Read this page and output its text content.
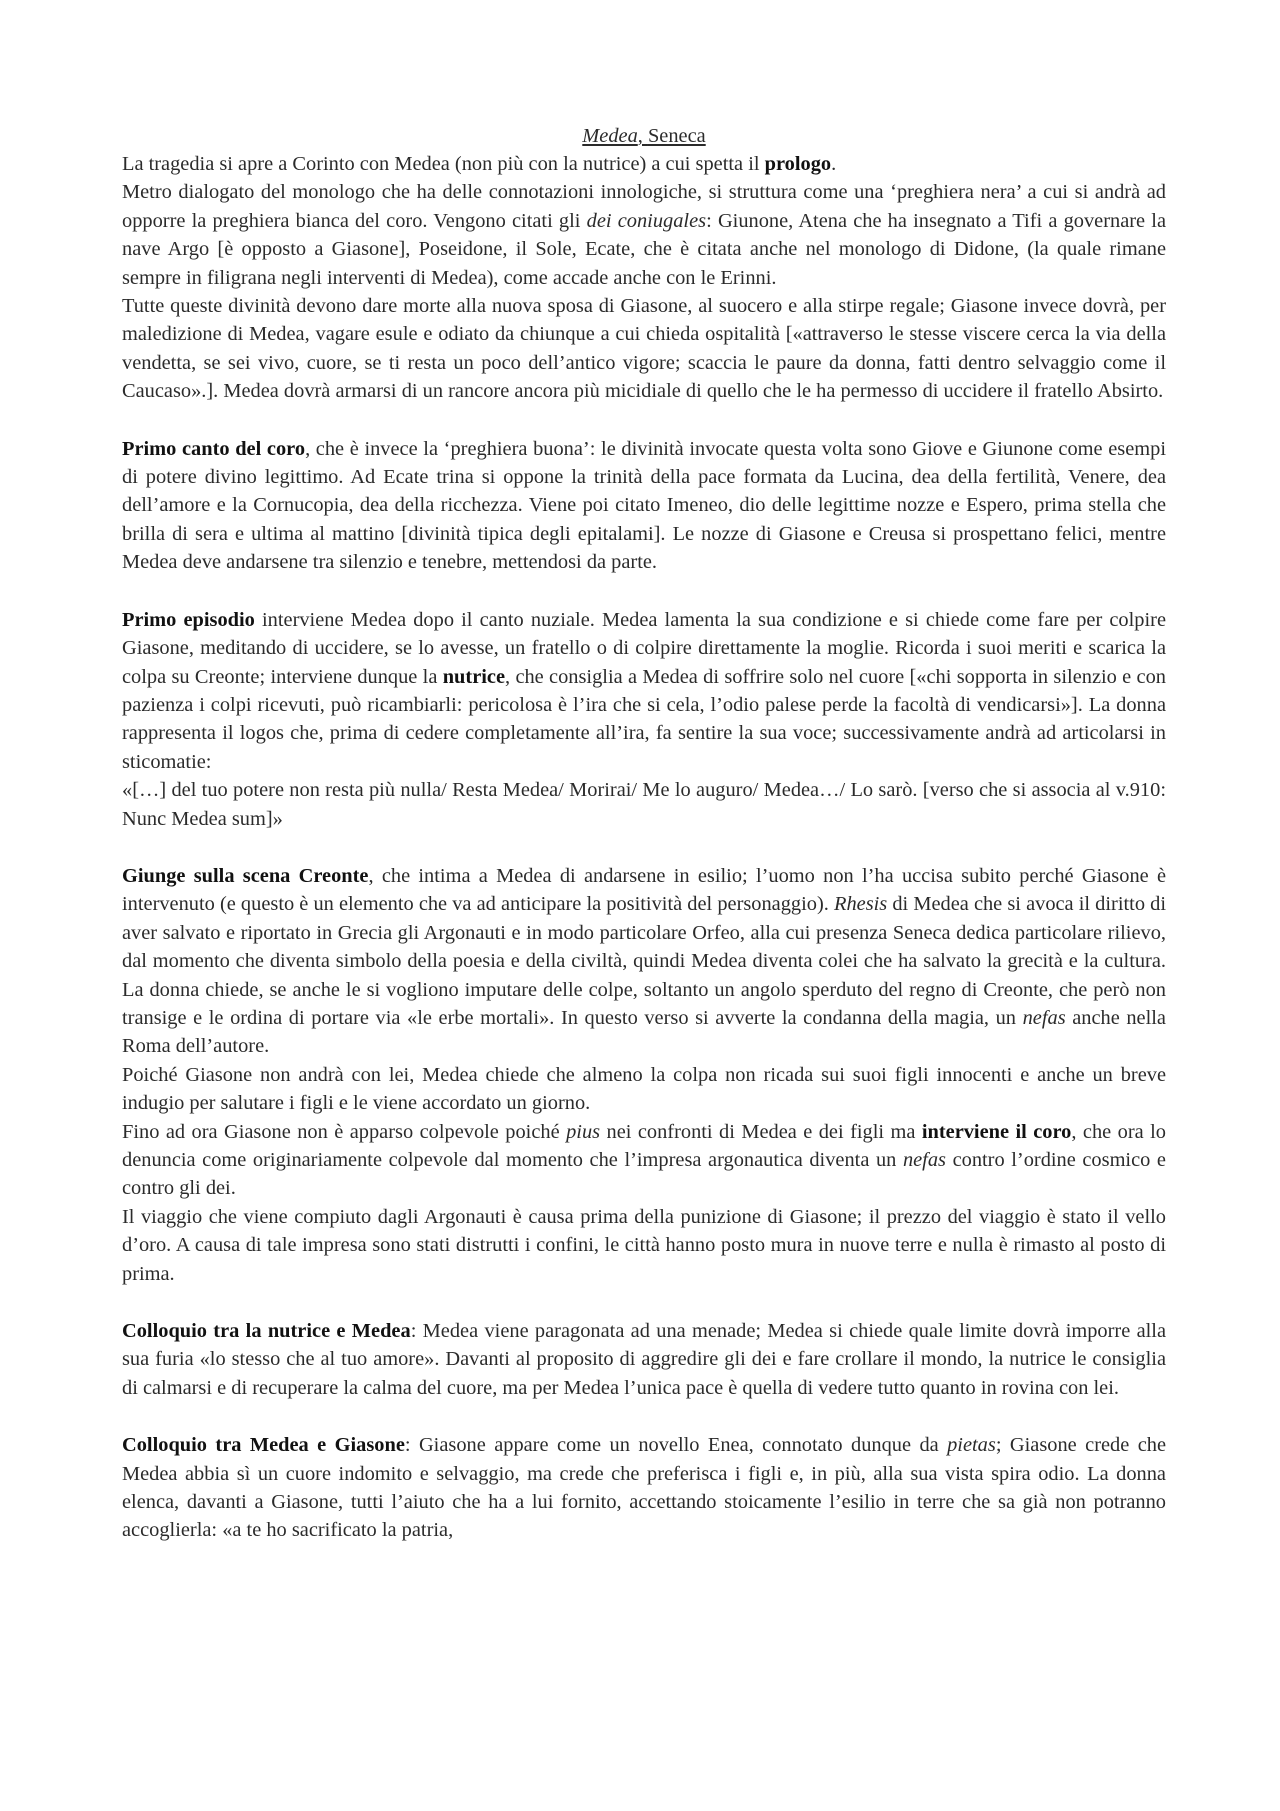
Medea, Seneca

La tragedia si apre a Corinto con Medea (non più con la nutrice) a cui spetta il prologo.

Metro dialogato del monologo che ha delle connotazioni innologiche, si struttura come una ‘preghiera nera’ a cui si andrà ad opporre la preghiera bianca del coro. Vengono citati gli dei coniugales: Giunone, Atena che ha insegnato a Tifi a governare la nave Argo [è opposto a Giasone], Poseidone, il Sole, Ecate, che è citata anche nel monologo di Didone, (la quale rimane sempre in filigrana negli interventi di Medea), come accade anche con le Erinni.

Tutte queste divinità devono dare morte alla nuova sposa di Giasone, al suocero e alla stirpe regale; Giasone invece dovrà, per maledizione di Medea, vagare esule e odiato da chiunque a cui chieda ospitalità [«attraverso le stesse viscere cerca la via della vendetta, se sei vivo, cuore, se ti resta un poco dell’antico vigore; scaccia le paure da donna, fatti dentro selvaggio come il Caucaso».]. Medea dovrà armarsi di un rancore ancora più micidiale di quello che le ha permesso di uccidere il fratello Absirto.

Primo canto del coro, che è invece la ‘preghiera buona’: le divinità invocate questa volta sono Giove e Giunone come esempi di potere divino legittimo. Ad Ecate trina si oppone la trinità della pace formata da Lucina, dea della fertilità, Venere, dea dell’amore e la Cornucopia, dea della ricchezza. Viene poi citato Imeneo, dio delle legittime nozze e Espero, prima stella che brilla di sera e ultima al mattino [divinità tipica degli epitalami]. Le nozze di Giasone e Creusa si prospettano felici, mentre Medea deve andarsene tra silenzio e tenebre, mettendosi da parte.

Primo episodio interviene Medea dopo il canto nuziale. Medea lamenta la sua condizione e si chiede come fare per colpire Giasone, meditando di uccidere, se lo avesse, un fratello o di colpire direttamente la moglie. Ricorda i suoi meriti e scarica la colpa su Creonte; interviene dunque la nutrice, che consiglia a Medea di soffrire solo nel cuore [«chi sopporta in silenzio e con pazienza i colpi ricevuti, può ricambiarli: pericolosa è l’ira che si cela, l’odio palese perde la facoltà di vendicarsi»]. La donna rappresenta il logos che, prima di cedere completamente all’ira, fa sentire la sua voce; successivamente andrà ad articolarsi in sticomatie:

«[…] del tuo potere non resta più nulla/ Resta Medea/ Morirai/ Me lo auguro/ Medea…/ Lo sarò. [verso che si associa al v.910: Nunc Medea sum]»

Giunge sulla scena Creonte, che intima a Medea di andarsene in esilio; l’uomo non l’ha uccisa subito perché Giasone è intervenuto (e questo è un elemento che va ad anticipare la positività del personaggio). Rhesis di Medea che si avoca il diritto di aver salvato e riportato in Grecia gli Argonauti e in modo particolare Orfeo, alla cui presenza Seneca dedica particolare rilievo, dal momento che diventa simbolo della poesia e della civiltà, quindi Medea diventa colei che ha salvato la grecità e la cultura. La donna chiede, se anche le si vogliono imputare delle colpe, soltanto un angolo sperduto del regno di Creonte, che però non transige e le ordina di portare via «le erbe mortali». In questo verso si avverte la condanna della magia, un nefas anche nella Roma dell’autore.

Poiché Giasone non andrà con lei, Medea chiede che almeno la colpa non ricada sui suoi figli innocenti e anche un breve indugio per salutare i figli e le viene accordato un giorno.

Fino ad ora Giasone non è apparso colpevole poiché pius nei confronti di Medea e dei figli ma interviene il coro, che ora lo denuncia come originariamente colpevole dal momento che l’impresa argonautica diventa un nefas contro l’ordine cosmico e contro gli dei.

Il viaggio che viene compiuto dagli Argonauti è causa prima della punizione di Giasone; il prezzo del viaggio è stato il vello d’oro. A causa di tale impresa sono stati distrutti i confini, le città hanno posto mura in nuove terre e nulla è rimasto al posto di prima.

Colloquio tra la nutrice e Medea: Medea viene paragonata ad una menade; Medea si chiede quale limite dovrà imporre alla sua furia «lo stesso che al tuo amore». Davanti al proposito di aggredire gli dei e fare crollare il mondo, la nutrice le consiglia di calmarsi e di recuperare la calma del cuore, ma per Medea l’unica pace è quella di vedere tutto quanto in rovina con lei.

Colloquio tra Medea e Giasone: Giasone appare come un novello Enea, connotato dunque da pietas; Giasone crede che Medea abbia sì un cuore indomito e selvaggio, ma crede che preferisca i figli e, in più, alla sua vista spira odio. La donna elenca, davanti a Giasone, tutti l’aiuto che ha a lui fornito, accettando stoicamente l’esilio in terre che sa già non potranno accoglierla: «a te ho sacrificato la patria,
